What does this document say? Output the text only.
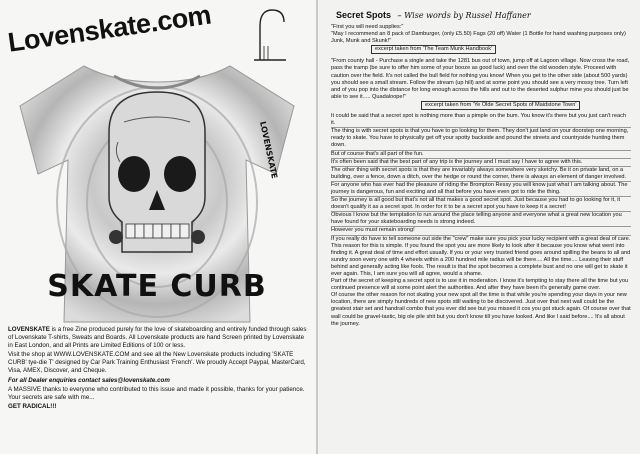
Lovenskate.com
SKATE CURB
LOVENSKATE

LOVENSKATE is a free Zine produced purely for the love of skateboarding and entirely funded through sales of Lovenskate T-shirts, Sweats and Boards. All Lovenskate products are hand Screen printed by Lovenskate in East London, and all Prints are Limited Editions of 100 or less.

Visit the shop at WWW.LOVENSKATE.COM and see all the New Lovenskate products including 'SKATE CURB' tye-die T' designed by Car Park Training Enthusiast 'French'. We proudly Accept Paypal, MasterCard, Visa, AMEX, Discover, and Cheque.

For all Dealer enquiries contact sales@lovenskate.com

A MASSIVE thanks to everyone who contributed to this issue and made it possible, thanks for your patience. Your secrets are safe with me...

GET RADICAL!!!

Secret Spots – Wise words by Russel Haffaner

"First you will need supplies:"

"May I recommend an 8 pack of Damburger, (only £5.50) Fags (20 off) Water (1 Bottle for hand washing purposes only) Junk, Munk and Skunk!"

excerpt taken from 'The Team Munk Handbook'

"From county hall - Purchase a single and take the 1281 bus out of town, jump off at Lagoon village. Now cross the road, pass the tramp (be sure to offer him some of your booze as good luck) and over the old wooden style. Proceed with caution over the field. It's not called the bull field for nothing you know! When you get to the other side (about 500 yards) you should see a small stream. Follow the stream (up hill) and at some point you should see a very mossy tree. Turn left and of you pop into the distance for long enough across the hills and out to the deserted sulphur mine you should just be able to see it..... Quadaloope!"

excerpt taken from 'Ye Olde Secret Spots of Maidstone Town'

It could be said that a secret spot is nothing more than a pimple on the bum. You know it's there but you just can't reach it.

The thing is with secret spots is that you have to go looking for them. They don't just land on your doorstep one morning, ready to skate. You have to physically get off your spotty backside and pound the streets and countryside hunting them down.

But of course that's all part of the fun.

It's often been said that the best part of any trip is the journey and I must say I have to agree with this.

The other thing with secret spots is that they are invariably always somewhere very sketchy. Be it on private land, on a building, over a fence, down a ditch, over the hedge or round the corner, there is always an element of danger involved.

For anyone who has ever had the pleasure of riding the Brompton Ressy you will know just what I am talking about. The journey is dangerous, fun and exciting and all that before you have even got to ride the thing.

So the journey is all good but that's not all that makes a good secret spot. Just because you had to go looking for it, it doesn't qualify it as a secret spot. In order for it to be a secret spot you have to keep it a secret!

Obvious I know but the temptation to run around the place telling anyone and everyone what a great new location you have found for your skateboarding needs is strong indeed.

However you must remain strong!

If you really do have to tell someone out side the "crew" make sure you pick your lucky recipient with a great deal of care. This reason for this is simple. If you found the spot you are more likely to look after it because you know what went into finding it. A great deal of time and effort usually. If you or your very trusted friend goes around spilling the beans to all and sundry soon every one with 4 wheels within a 200 hundred mile radius will be there.... All the time.... Leaving their stuff behind and generally acting like fools. The result is that the spot becomes a complete bust and no one will get to skate it ever again. This, I am sure you will all agree, would a shame.

Part of the secret of keeping a secret spot is to use it in moderation. I know it's tempting to stay there all the time but you continued presence will at some point alert the authorities. And after they have been it's generally game over.

Of course the other reason for not skating your new spot all the time is that while you're spending your days in your new location, there are simply hundreds of new spots still waiting to be discovered. Just over that next wall could be the greatest stair set and handrail combo that you ever did see but you missed it cos you got stuck again. Of course over that wall could be gravel-tastic, big ole pile shit but you don't know till you have looked. And like I said before.... It's all about the journey.
